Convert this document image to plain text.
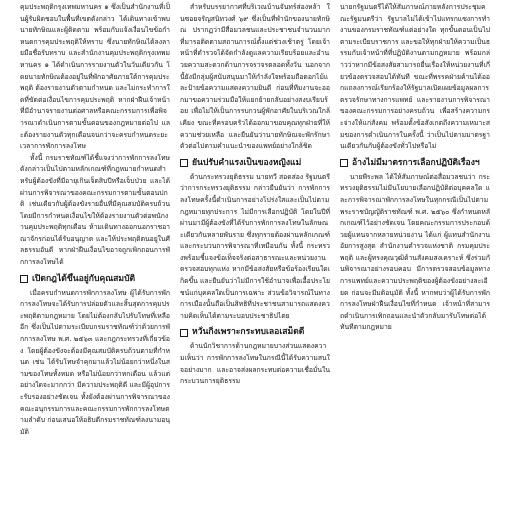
คุมประพฤติกรุงเทพมหานคร ๑ ซึ่งเป็นสำนักงานที่เป็นผู้รับผิดชอบในพื้นที่เขตดังกล่าว ได้เดินทางเข้าพบนายทักษิณและผู้ติดตาม พร้อมกับแจ้งเงื่อนไขข้อกำหนดการคุมประพฤติให้ทราบ ซึ่งนายทักษิณได้ลงลายมือชื่อรับทราบ และสำนักงานคุมประพฤติกรุงเทพมหานคร ๑ ได้ดำเนินการรายงานตัวในวันเดียวกัน โดยนายทักษิณต้องอยู่ในที่พักอาศัยภายใต้การคุมประพฤติ ต้องรายงานตัวตามกำหนด และไม่กระทำการใดที่ขัดต่อเงื่อนไขการคุมประพฤติ หากฝ่าฝืนเจ้าหน้าที่มีอำนาจรายงานต่อศาลหรือคณะกรรมการเพื่อพิจารณาดำเนินการตามขั้นตอนของกฎหมายต่อไป และต้องรายงานตัวทุกเดือนจนกว่าจะครบกำหนดระยะเวลาการพักการลงโทษ

ทั้งนี้ กรมราชทัณฑ์ได้ชี้แจงว่าการพักการลงโทษดังกล่าวเป็นไปตามหลักเกณฑ์ที่กฎหมายกำหนดสำหรับผู้ต้องขังที่มีอายุเกินเจ็ดสิบปีหรือเจ็บป่วย และได้ผ่านการพิจารณาของคณะกรรมการตามขั้นตอนปกติ เช่นเดียวกับผู้ต้องขังรายอื่นที่มีคุณสมบัติครบถ้วน โดยมีการกำหนดเงื่อนไขให้ต้องรายงานตัวต่อพนักงานคุมประพฤติทุกเดือน ห้ามเดินทางออกนอกราชอาณาจักรก่อนได้รับอนุญาต และให้ประพฤติตนอยู่ในศีลธรรมอันดี หากฝ่าฝืนเงื่อนไขอาจถูกเพิกถอนการพักการลงโทษได้

เปิดกฎได้ขึ้นอยู่กับคุณสมบัติ

เมื่อครบกำหนดการพักการลงโทษ ผู้ได้รับการพักการลงโทษจะได้รับการปล่อยตัวและสิ้นสุดการคุมประพฤติตามกฎหมาย โดยไม่ต้องกลับไปรับโทษที่เหลืออีก ซึ่งเป็นไปตามระเบียบกรมราชทัณฑ์ว่าด้วยการพักการลงโทษ พ.ศ. ๒๕๖๓ และกฎกระทรวงที่เกี่ยวข้อง โดยผู้ต้องขังจะต้องมีคุณสมบัติครบถ้วนตามที่กำหนด เช่น ได้รับโทษจำคุกมาแล้วไม่น้อยกว่าหนึ่งในสามของโทษทั้งหมด หรือไม่น้อยกว่าหกเดือน แล้วแต่อย่างใดจะมากกว่า มีความประพฤติดี และมีผู้อุปการะรับรองอย่างชัดเจน ทั้งยังต้องผ่านการพิจารณาของคณะอนุกรรมการและคณะกรรมการพักการลงโทษตามลำดับ ก่อนเสนอให้อธิบดีกรมราชทัณฑ์ลงนามอนุมัติ

สำหรับบรรยากาศที่บริเวณบ้านจันทร์ส่องหล้า ในซอยจรัญสนิทวงศ์ ๖๙ ซึ่งเป็นที่พำนักของนายทักษิณ ปรากฏว่ามีสื่อมวลชนและประชาชนจำนวนมากที่มารอติดตามสถานการณ์ตั้งแต่ช่วงเช้าตรู่ โดยเจ้าหน้าที่ตำรวจได้จัดกำลังดูแลความเรียบร้อยและอำนวยความสะดวกด้านการจราจรตลอดทั้งวัน นอกจากนี้ยังมีกลุ่มผู้สนับสนุนมาให้กำลังใจพร้อมถือดอกไม้และป้ายข้อความแสดงความยินดี ก่อนที่ทีมงานจะออกมาขอความร่วมมือให้แยกย้ายกลับอย่างสงบเรียบร้อย เพื่อไม่ให้เป็นการรบกวนผู้พักอาศัยในบริเวณใกล้เคียง ขณะที่ครอบครัวได้ออกมาขอบคุณทุกฝ่ายที่ให้ความช่วยเหลือ และยืนยันว่านายทักษิณจะพักรักษาตัวต่อไปตามคำแนะนำของแพทย์อย่างใกล้ชิด

ยันปรับคำแรงเป็นของหญิงแม่

ด้านกระทรวงยุติธรรม นายทวี สอดส่อง รัฐมนตรีว่าการกระทรวงยุติธรรม กล่าวยืนยันว่า การพักการลงโทษครั้งนี้ดำเนินการอย่างโปร่งใสและเป็นไปตามกฎหมายทุกประการ ไม่มีการเลือกปฏิบัติ โดยในปีที่ผ่านมามีผู้ต้องขังที่ได้รับการพักการลงโทษในลักษณะเดียวกันหลายพันราย ซึ่งทุกรายต้องผ่านหลักเกณฑ์และกระบวนการพิจารณาที่เหมือนกัน ทั้งนี้ กระทรวงพร้อมชี้แจงข้อเท็จจริงต่อสาธารณะและหน่วยงานตรวจสอบทุกแห่ง หากมีข้อสงสัยหรือข้อร้องเรียนใดเกิดขึ้น และยืนยันว่าไม่มีการใช้อำนาจเพื่อเอื้อประโยชน์แก่บุคคลใดเป็นการเฉพาะ ส่วนข้อวิจารณ์ในทางการเมืองนั้นถือเป็นสิทธิที่ประชาชนสามารถแสดงความคิดเห็นได้ตามระบอบประชาธิปไตย

หวั่นกิ่งเพราะกระทบเลอเสม็ดดี

ด้านนักวิชาการด้านกฎหมายบางส่วนแสดงความเห็นว่า การพักการลงโทษในกรณีนี้ได้รับความสนใจอย่างมาก และอาจส่งผลกระทบต่อความเชื่อมั่นในกระบวนการยุติธรรม

นายกรัฐมนตรีได้ให้สัมภาษณ์ภายหลังการประชุมคณะรัฐมนตรีว่า รัฐบาลไม่ได้เข้าไปแทรกแซงการทำงานของกรมราชทัณฑ์แต่อย่างใด ทุกขั้นตอนเป็นไปตามระเบียบราชการ และขอให้ทุกฝ่ายให้ความเป็นธรรมกับเจ้าหน้าที่ที่ปฏิบัติงานตามกฎหมาย พร้อมกล่าวว่าหากมีข้อสงสัยสามารถยื่นเรื่องให้หน่วยงานที่เกี่ยวข้องตรวจสอบได้ทันที ขณะที่พรรคฝ่ายค้านได้ออกแถลงการณ์เรียกร้องให้รัฐบาลเปิดเผยข้อมูลผลการตรวจรักษาทางการแพทย์ และรายงานการพิจารณาของคณะกรรมการอย่างครบถ้วน เพื่อสร้างความกระจ่างให้แก่สังคม พร้อมตั้งข้อสังเกตถึงความเหมาะสมของการดำเนินการในครั้งนี้ ว่าเป็นไปตามมาตรฐานเดียวกันกับผู้ต้องขังทั่วไปหรือไม่

อ้างไม่มีมาตรการเลือกปฏิบัติเรื่องฯ

นายพีระพล ได้ให้สัมภาษณ์ต่อสื่อมวลชนว่า กระทรวงยุติธรรมไม่มีนโยบายเลือกปฏิบัติต่อบุคคลใด และการพิจารณาพักการลงโทษในทุกกรณีเป็นไปตามพระราชบัญญัติราชทัณฑ์ พ.ศ. ๒๕๖๐ ซึ่งกำหนดหลักเกณฑ์ไว้อย่างชัดเจน โดยคณะกรรมการประกอบด้วยผู้แทนจากหลายหน่วยงาน ได้แก่ ผู้แทนสำนักงานอัยการสูงสุด สำนักงานตำรวจแห่งชาติ กรมคุมประพฤติ และผู้ทรงคุณวุฒิด้านสังคมสงเคราะห์ ซึ่งร่วมกันพิจารณาอย่างรอบคอบ มีการตรวจสอบข้อมูลทางการแพทย์และความประพฤติของผู้ต้องขังอย่างละเอียด ก่อนจะมีมติอนุมัติ ทั้งนี้ หากพบว่าผู้ได้รับการพักการลงโทษฝ่าฝืนเงื่อนไขที่กำหนด เจ้าหน้าที่สามารถดำเนินการเพิกถอนและนำตัวกลับมารับโทษต่อได้ทันทีตามกฎหมาย
